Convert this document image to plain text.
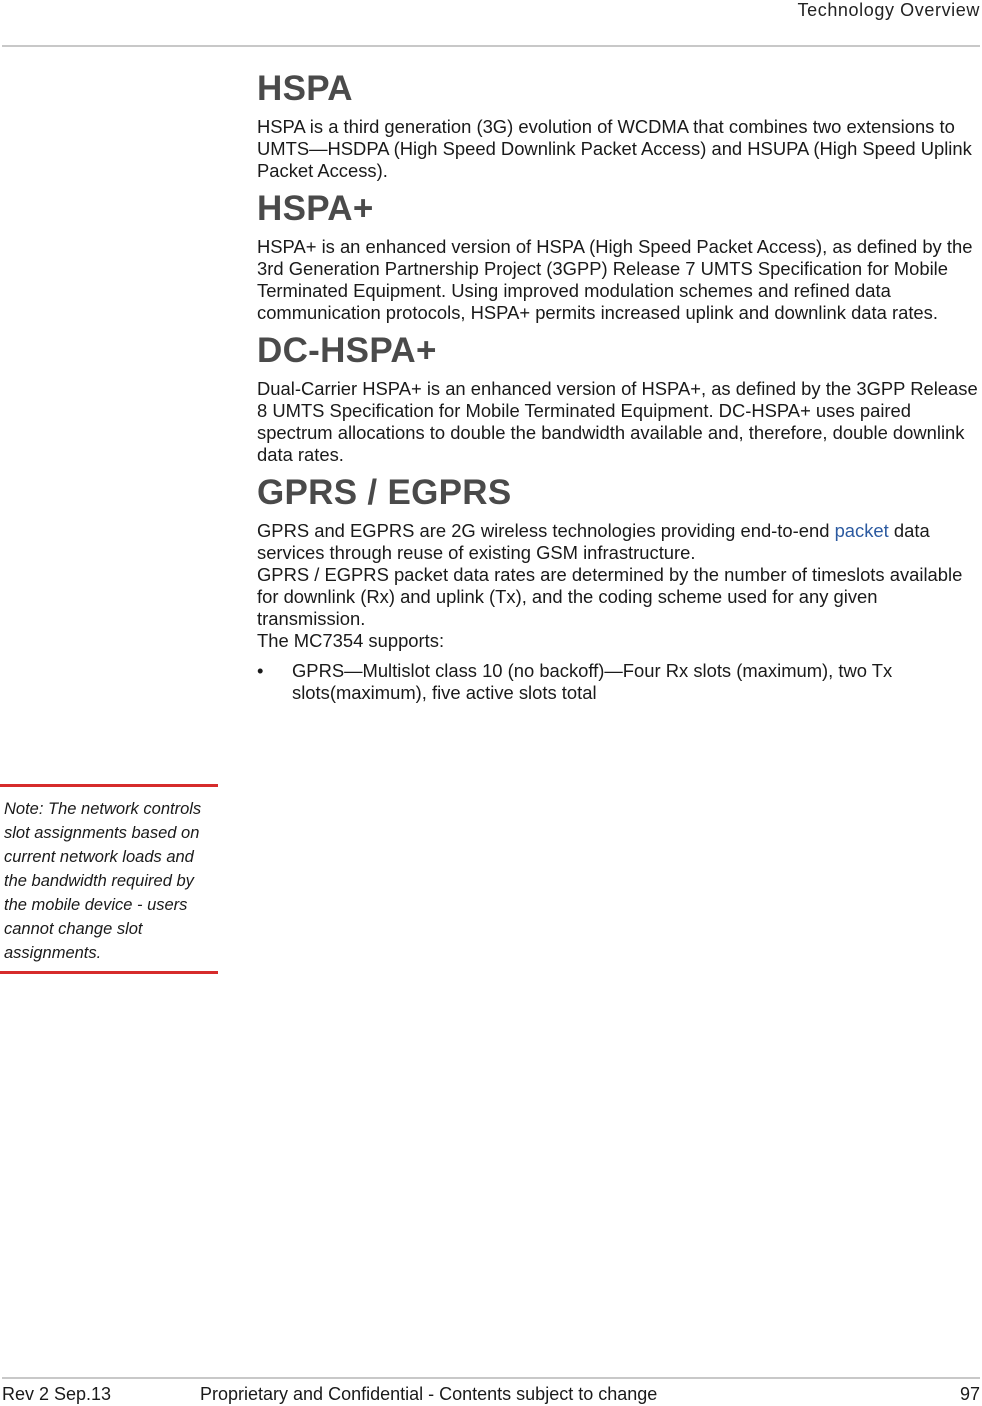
Technology Overview
HSPA

HSPA is a third generation (3G) evolution of WCDMA that combines two extensions to UMTS—HSDPA (High Speed Downlink Packet Access) and HSUPA (High Speed Uplink Packet Access).

HSPA+

HSPA+ is an enhanced version of HSPA (High Speed Packet Access), as defined by the 3rd Generation Partnership Project (3GPP) Release 7 UMTS Specification for Mobile Terminated Equipment. Using improved modulation schemes and refined data communication protocols, HSPA+ permits increased uplink and downlink data rates.

DC-HSPA+

Dual-Carrier HSPA+ is an enhanced version of HSPA+, as defined by the 3GPP Release 8 UMTS Specification for Mobile Terminated Equipment. DC-HSPA+ uses paired spectrum allocations to double the bandwidth available and, therefore, double downlink data rates.

GPRS / EGPRS

GPRS and EGPRS are 2G wireless technologies providing end-to-end packet data services through reuse of existing GSM infrastructure.

GPRS / EGPRS packet data rates are determined by the number of timeslots available for downlink (Rx) and uplink (Tx), and the coding scheme used for any given transmission.

The MC7354 supports:

• GPRS—Multislot class 10 (no backoff)—Four Rx slots (maximum), two Tx slots(maximum), five active slots total
Note: The network controls slot assignments based on current network loads and the bandwidth required by the mobile device - users cannot change slot assignments.
Rev 2 Sep.13	Proprietary and Confidential - Contents subject to change	97
